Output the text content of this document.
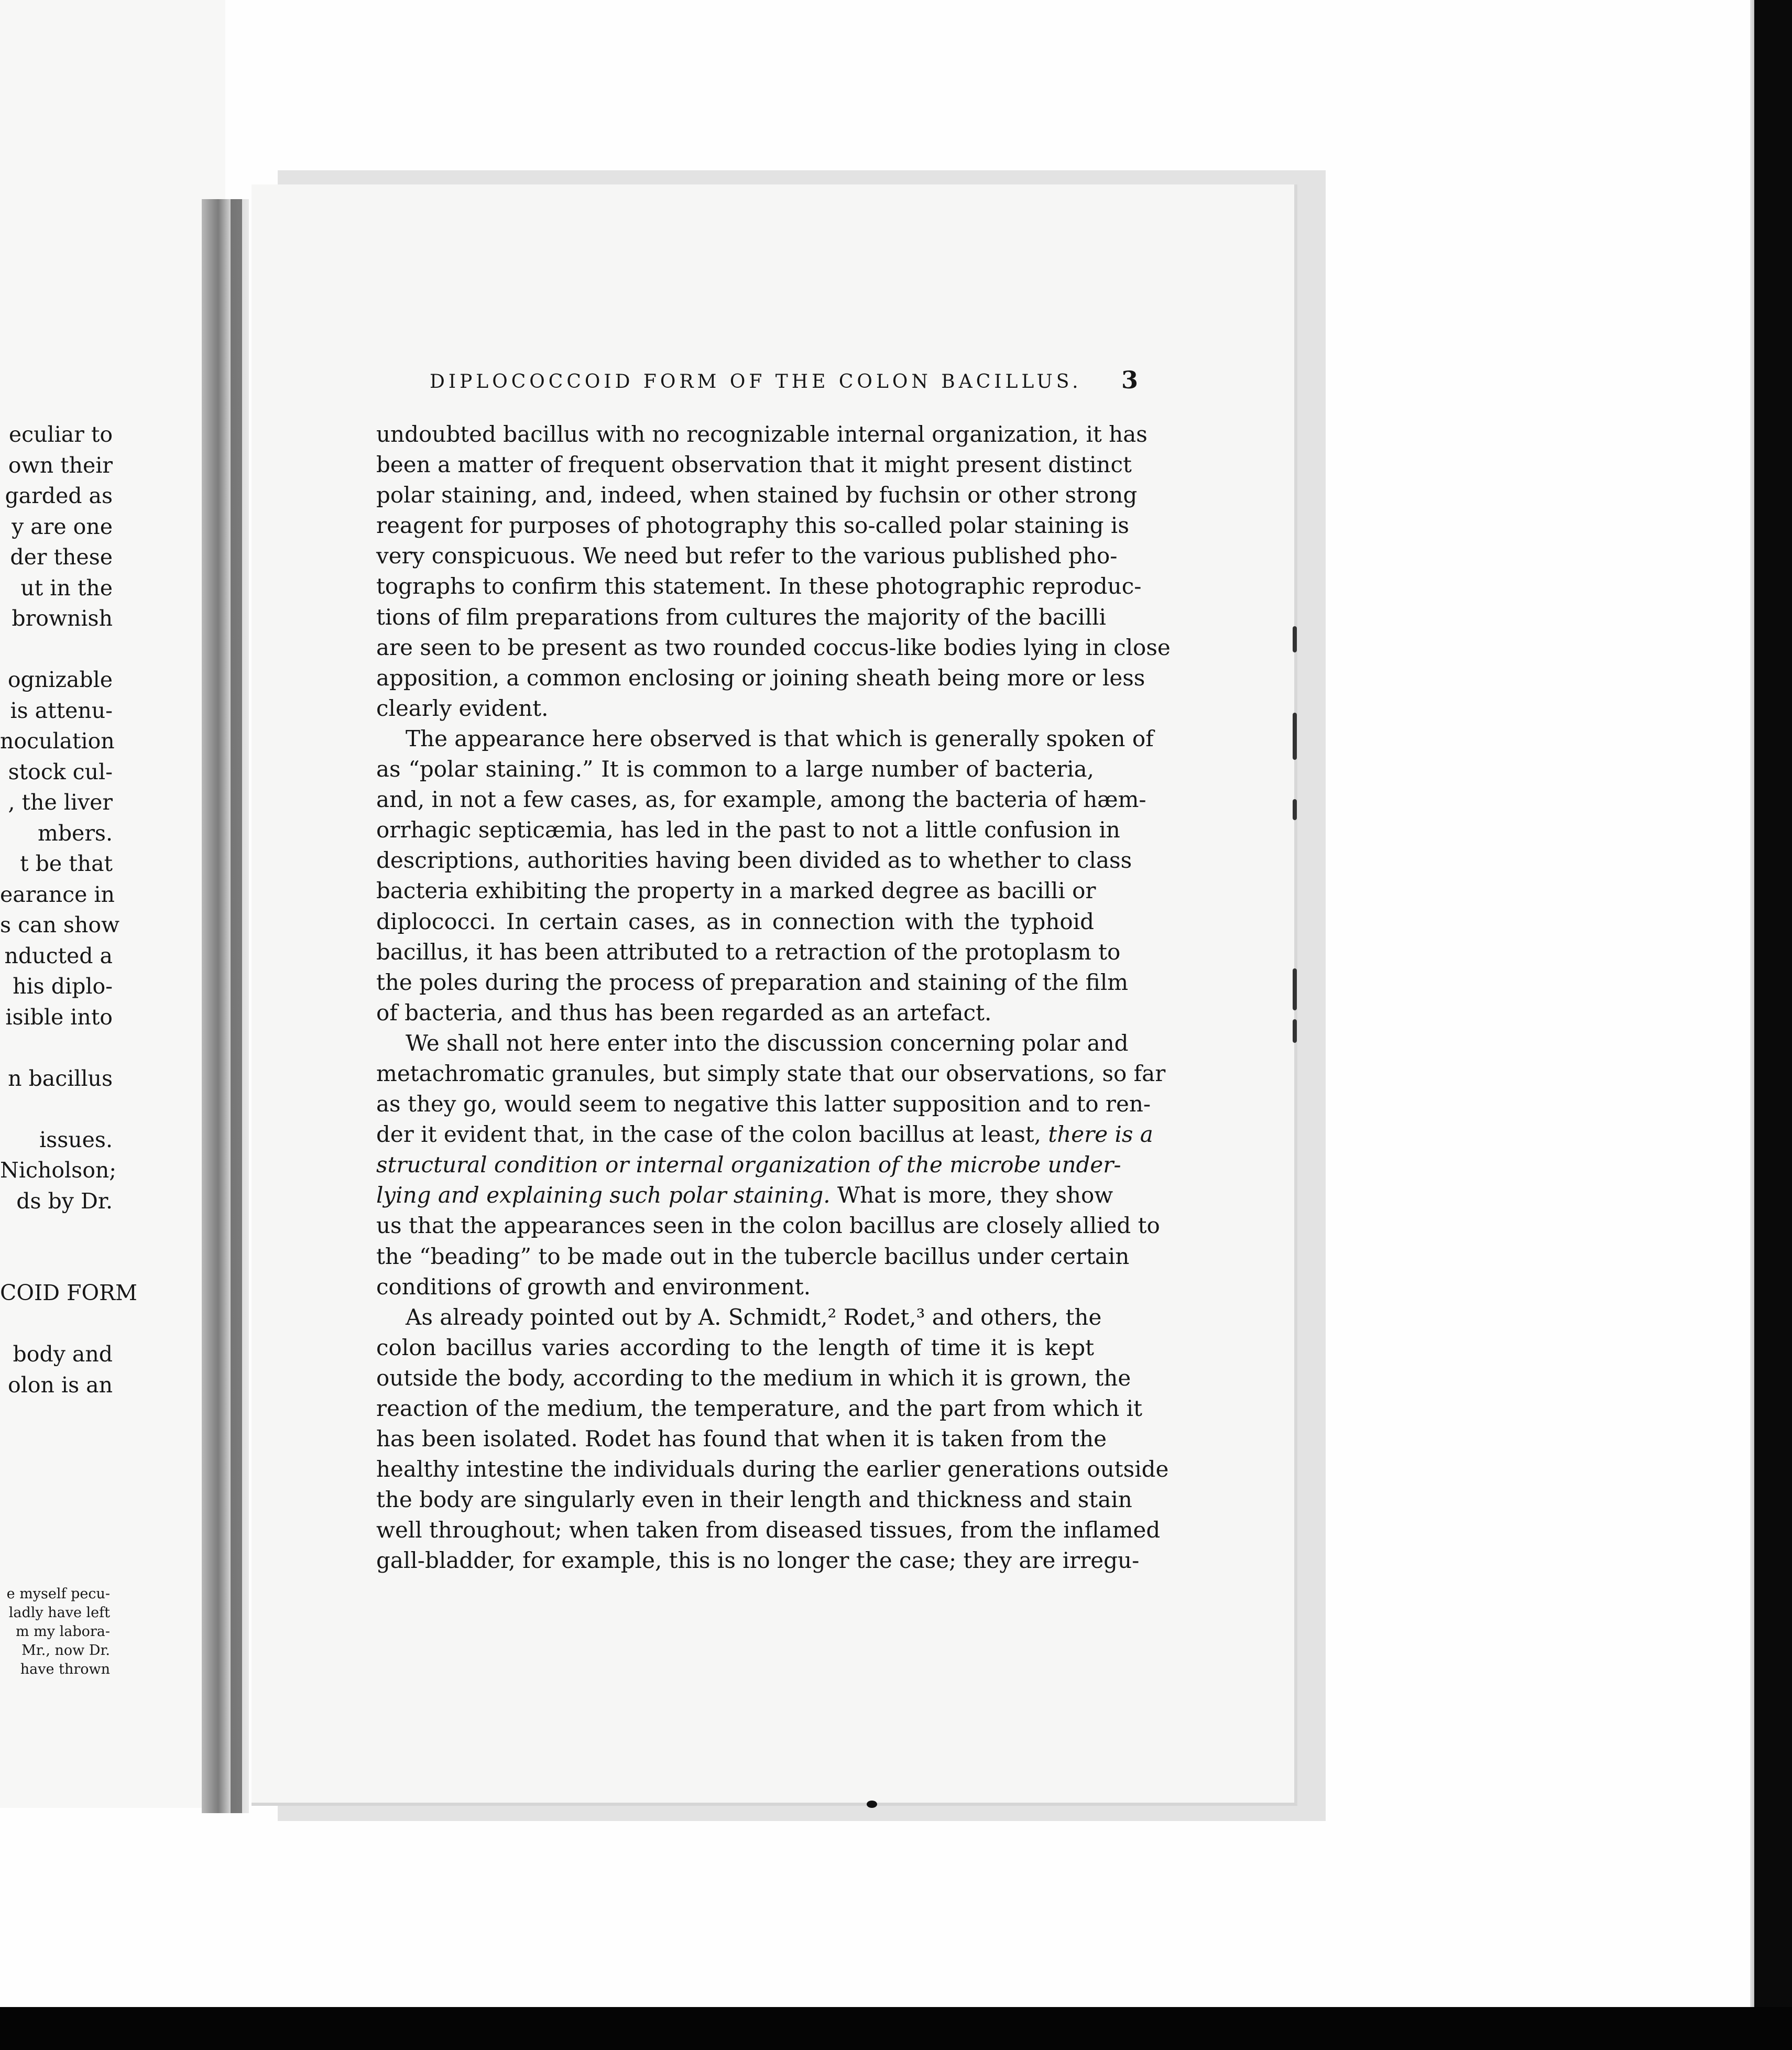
eculiar to
own their
garded as
y are one
der these
ut in the
brownish
ognizable
is attenu-
noculation
stock cul-
, the liver
mbers.
t be that
earance in
s can show
nducted a
his diplo-
isible into
n bacillus
issues.
Nicholson;
ds by Dr.
COID FORM
body and
olon is an
e myself pecu-
ladly have left
m my labora-
Mr., now Dr.
have thrown
DIPLOCOCCOID FORM OF THE COLON BACILLUS.	3
undoubted bacillus with no recognizable internal organization, it has
been a matter of frequent observation that it might present distinct
polar staining, and, indeed, when stained by fuchsin or other strong
reagent for purposes of photography this so-called polar staining is
very conspicuous. We need but refer to the various published pho-
tographs to confirm this statement. In these photographic reproduc-
tions of film preparations from cultures the majority of the bacilli
are seen to be present as two rounded coccus-like bodies lying in close
apposition, a common enclosing or joining sheath being more or less
clearly evident.
The appearance here observed is that which is generally spoken of
as “polar staining.” It is common to a large number of bacteria,
and, in not a few cases, as, for example, among the bacteria of hæm-
orrhagic septicæmia, has led in the past to not a little confusion in
descriptions, authorities having been divided as to whether to class
bacteria exhibiting the property in a marked degree as bacilli or
diplococci. In certain cases, as in connection with the typhoid
bacillus, it has been attributed to a retraction of the protoplasm to
the poles during the process of preparation and staining of the film
of bacteria, and thus has been regarded as an artefact.
We shall not here enter into the discussion concerning polar and
metachromatic granules, but simply state that our observations, so far
as they go, would seem to negative this latter supposition and to ren-
der it evident that, in the case of the colon bacillus at least, there is a
structural condition or internal organization of the microbe under-
lying and explaining such polar staining. What is more, they show
us that the appearances seen in the colon bacillus are closely allied to
the “beading” to be made out in the tubercle bacillus under certain
conditions of growth and environment.
As already pointed out by A. Schmidt,² Rodet,³ and others, the
colon bacillus varies according to the length of time it is kept
outside the body, according to the medium in which it is grown, the
reaction of the medium, the temperature, and the part from which it
has been isolated. Rodet has found that when it is taken from the
healthy intestine the individuals during the earlier generations outside
the body are singularly even in their length and thickness and stain
well throughout; when taken from diseased tissues, from the inflamed
gall-bladder, for example, this is no longer the case; they are irregu-
